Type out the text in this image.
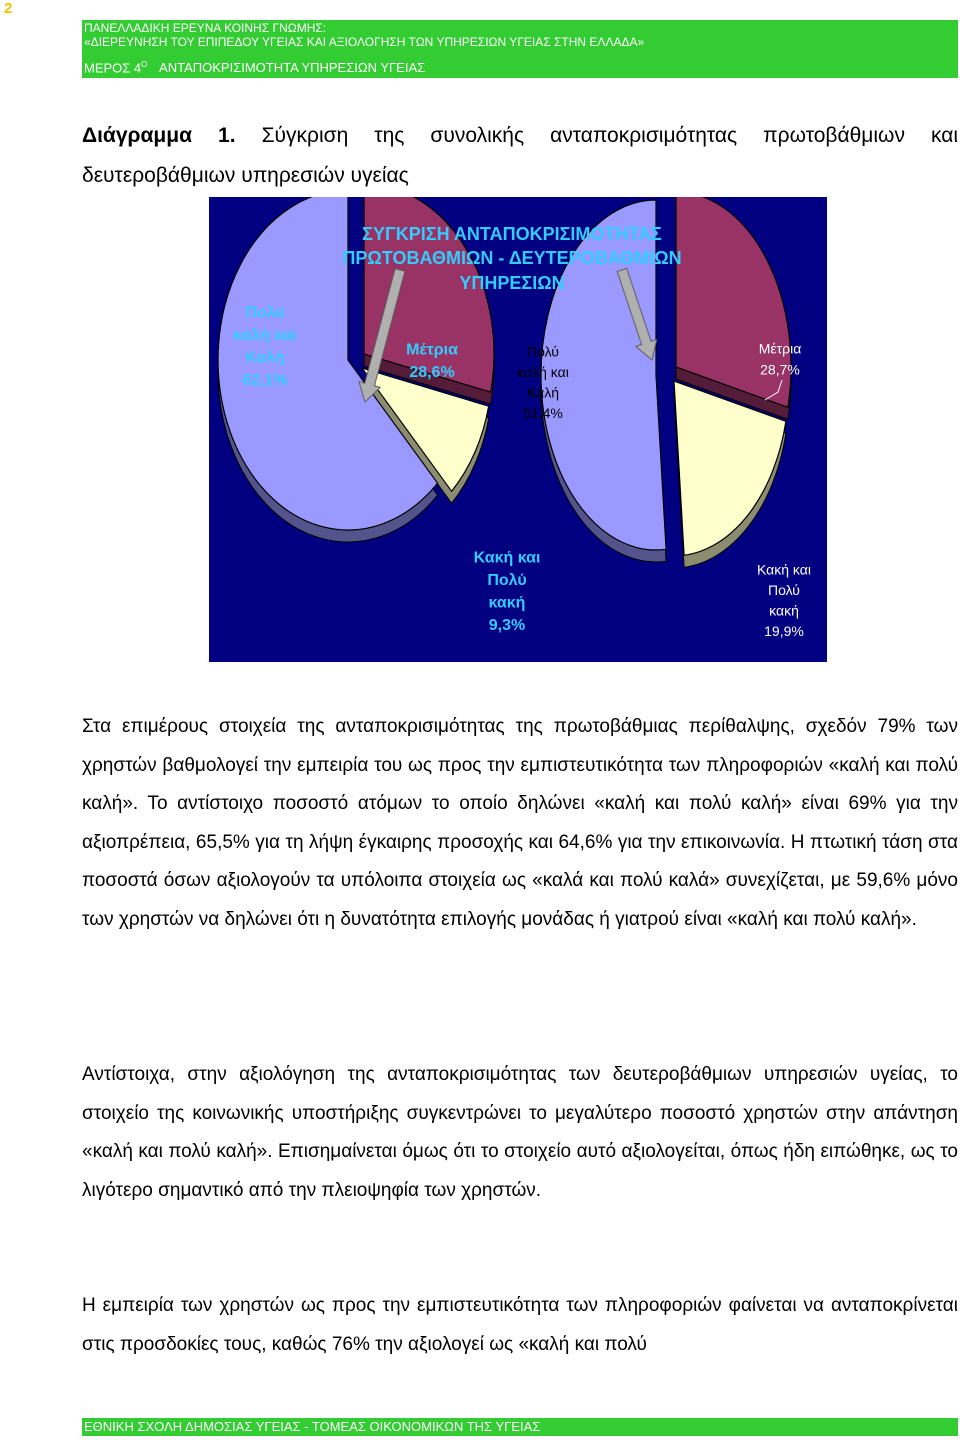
2
ΠΑΝΕΛΛΑΔΙΚΗ ΕΡΕΥΝΑ ΚΟΙΝΗΣ ΓΝΩΜΗΣ:
«ΔΙΕΡΕΥΝΗΣΗ ΤΟΥ ΕΠΙΠΕΔΟΥ ΥΓΕΙΑΣ ΚΑΙ ΑΞΙΟΛΟΓΗΣΗ ΤΩΝ ΥΠΗΡΕΣΙΩΝ ΥΓΕΙΑΣ ΣΤΗΝ ΕΛΛΑΔΑ»
ΜΕΡΟΣ $4^O$ ΑΝΤΑΠΟΚΡΙΣΙΜΟΤΗΤΑ ΥΠΗΡΕΣΙΩΝ ΥΓΕΙΑΣ
Διάγραμμα 1. Σύγκριση της συνολικής ανταποκρισιμότητας πρωτοβάθμιων και δευτεροβάθμιων υπηρεσιών υγείας
Πολύ καλή και Καλή 62,1%
Μέτρια 28,6%
Κακή και Πολύ κακή 9,3%
Πολύ καλή και Καλή 51,4%
Μέτρια 28,7%
Κακή και Πολύ κακή 19,9%
ΣΥΓΚΡΙΣΗ ΑΝΤΑΠΟΚΡΙΣΙΜΟΤΗΤΑΣ
ΠΡΩΤΟΒΑΘΜΙΩΝ - ΔΕΥΤΕΡΟΒΑΘΜΙΩΝ
ΥΠΗΡΕΣΙΩΝ
Στα επιμέρους στοιχεία της ανταποκρισιμότητας της πρωτοβάθμιας περίθαλψης, σχεδόν 79% των χρηστών βαθμολογεί την εμπειρία του ως προς την εμπιστευτικότητα των πληροφοριών «καλή και πολύ καλή». Το αντίστοιχο ποσοστό ατόμων το οποίο δηλώνει «καλή και πολύ καλή» είναι 69% για την αξιοπρέπεια, 65,5% για τη λήψη έγκαιρης προσοχής και 64,6% για την επικοινωνία. Η πτωτική τάση στα ποσοστά όσων αξιολογούν τα υπόλοιπα στοιχεία ως «καλά και πολύ καλά» συνεχίζεται, με 59,6% μόνο των χρηστών να δηλώνει ότι η δυνατότητα επιλογής μονάδας ή γιατρού είναι «καλή και πολύ καλή».
Αντίστοιχα, στην αξιολόγηση της ανταποκρισιμότητας των δευτεροβάθμιων υπηρεσιών υγείας, το στοιχείο της κοινωνικής υποστήριξης συγκεντρώνει το μεγαλύτερο ποσοστό χρηστών στην απάντηση «καλή και πολύ καλή». Επισημαίνεται όμως ότι το στοιχείο αυτό αξιολογείται, όπως ήδη ειπώθηκε, ως το λιγότερο σημαντικό από την πλειοψηφία των χρηστών.
Η εμπειρία των χρηστών ως προς την εμπιστευτικότητα των πληροφοριών φαίνεται να ανταποκρίνεται στις προσδοκίες τους, καθώς 76% την αξιολογεί ως «καλή και πολύ
ΕΘΝΙΚΗ ΣΧΟΛΗ ΔΗΜΟΣΙΑΣ ΥΓΕΙΑΣ - ΤΟΜΕΑΣ ΟΙΚΟΝΟΜΙΚΩΝ ΤΗΣ ΥΓΕΙΑΣ
